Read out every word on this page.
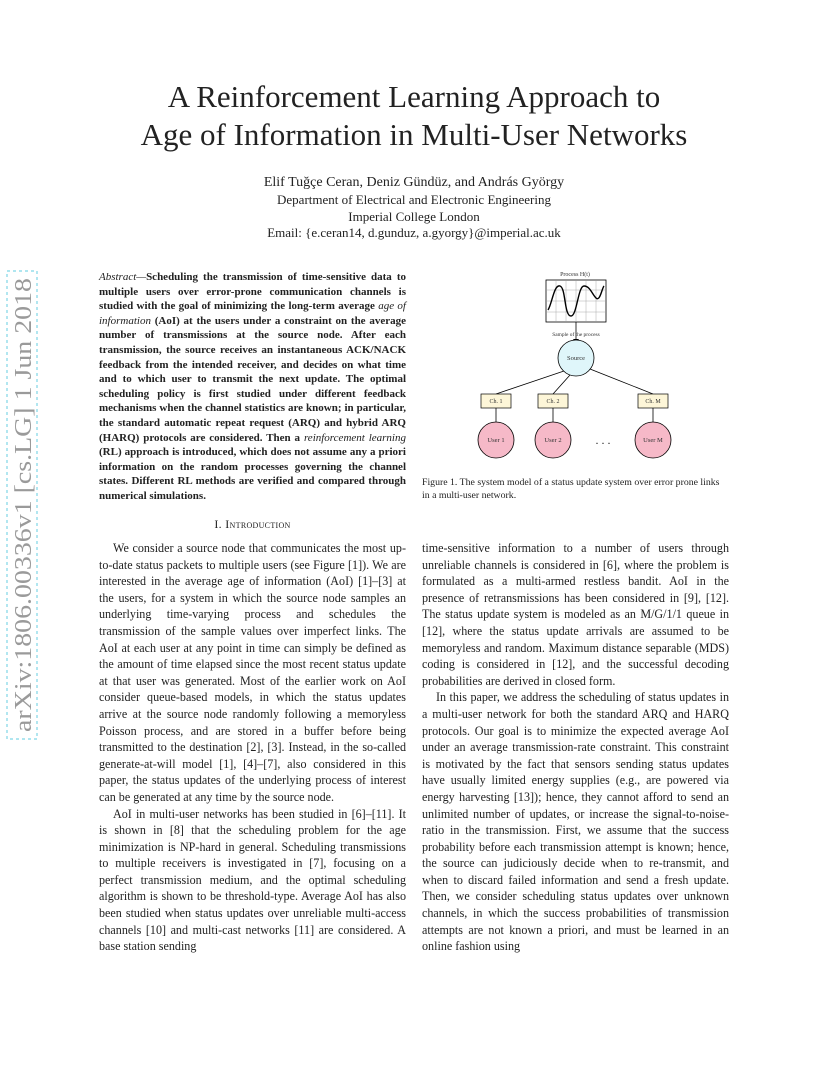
A Reinforcement Learning Approach to
Age of Information in Multi-User Networks
Elif Tuğçe Ceran, Deniz Gündüz, and András György
Department of Electrical and Electronic Engineering
Imperial College London
Email: {e.ceran14, d.gunduz, a.gyorgy}@imperial.ac.uk
arXiv:1806.00336v1 [cs.LG] 1 Jun 2018
Abstract—Scheduling the transmission of time-sensitive data to multiple users over error-prone communication channels is studied with the goal of minimizing the long-term average age of information (AoI) at the users under a constraint on the average number of transmissions at the source node. After each transmission, the source receives an instantaneous ACK/NACK feedback from the intended receiver, and decides on what time and to which user to transmit the next update. The optimal scheduling policy is first studied under different feedback mechanisms when the channel statistics are known; in particular, the standard automatic repeat request (ARQ) and hybrid ARQ (HARQ) protocols are considered. Then a reinforcement learning (RL) approach is introduced, which does not assume any a priori information on the random processes governing the channel states. Different RL methods are verified and compared through numerical simulations.
Process H(t)
Sample of the process
Source
Ch. 1	Ch. 2	Ch. M
User 1	User 2	User M
. . .
Figure 1. The system model of a status update system over error prone links in a multi-user network.
I. Introduction

We consider a source node that communicates the most up-to-date status packets to multiple users (see Figure [1]). We are interested in the average age of information (AoI) [1]–[3] at the users, for a system in which the source node samples an underlying time-varying process and schedules the transmission of the sample values over imperfect links. The AoI at each user at any point in time can simply be defined as the amount of time elapsed since the most recent status update at that user was generated. Most of the earlier work on AoI consider queue-based models, in which the status updates arrive at the source node randomly following a memoryless Poisson process, and are stored in a buffer before being transmitted to the destination [2], [3]. Instead, in the so-called generate-at-will model [1], [4]–[7], also considered in this paper, the status updates of the underlying process of interest can be generated at any time by the source node.

AoI in multi-user networks has been studied in [6]–[11]. It is shown in [8] that the scheduling problem for the age minimization is NP-hard in general. Scheduling transmissions to multiple receivers is investigated in [7], focusing on a perfect transmission medium, and the optimal scheduling algorithm is shown to be threshold-type. Average AoI has also been studied when status updates over unreliable multi-access channels [10] and multi-cast networks [11] are considered. A base station sending

time-sensitive information to a number of users through unreliable channels is considered in [6], where the problem is formulated as a multi-armed restless bandit. AoI in the presence of retransmissions has been considered in [9], [12]. The status update system is modeled as an M/G/1/1 queue in [12], where the status update arrivals are assumed to be memoryless and random. Maximum distance separable (MDS) coding is considered in [12], and the successful decoding probabilities are derived in closed form.

In this paper, we address the scheduling of status updates in a multi-user network for both the standard ARQ and HARQ protocols. Our goal is to minimize the expected average AoI under an average transmission-rate constraint. This constraint is motivated by the fact that sensors sending status updates have usually limited energy supplies (e.g., are powered via energy harvesting [13]); hence, they cannot afford to send an unlimited number of updates, or increase the signal-to-noise-ratio in the transmission. First, we assume that the success probability before each transmission attempt is known; hence, the source can judiciously decide when to re-transmit, and when to discard failed information and send a fresh update. Then, we consider scheduling status updates over unknown channels, in which the success probabilities of transmission attempts are not known a priori, and must be learned in an online fashion using
